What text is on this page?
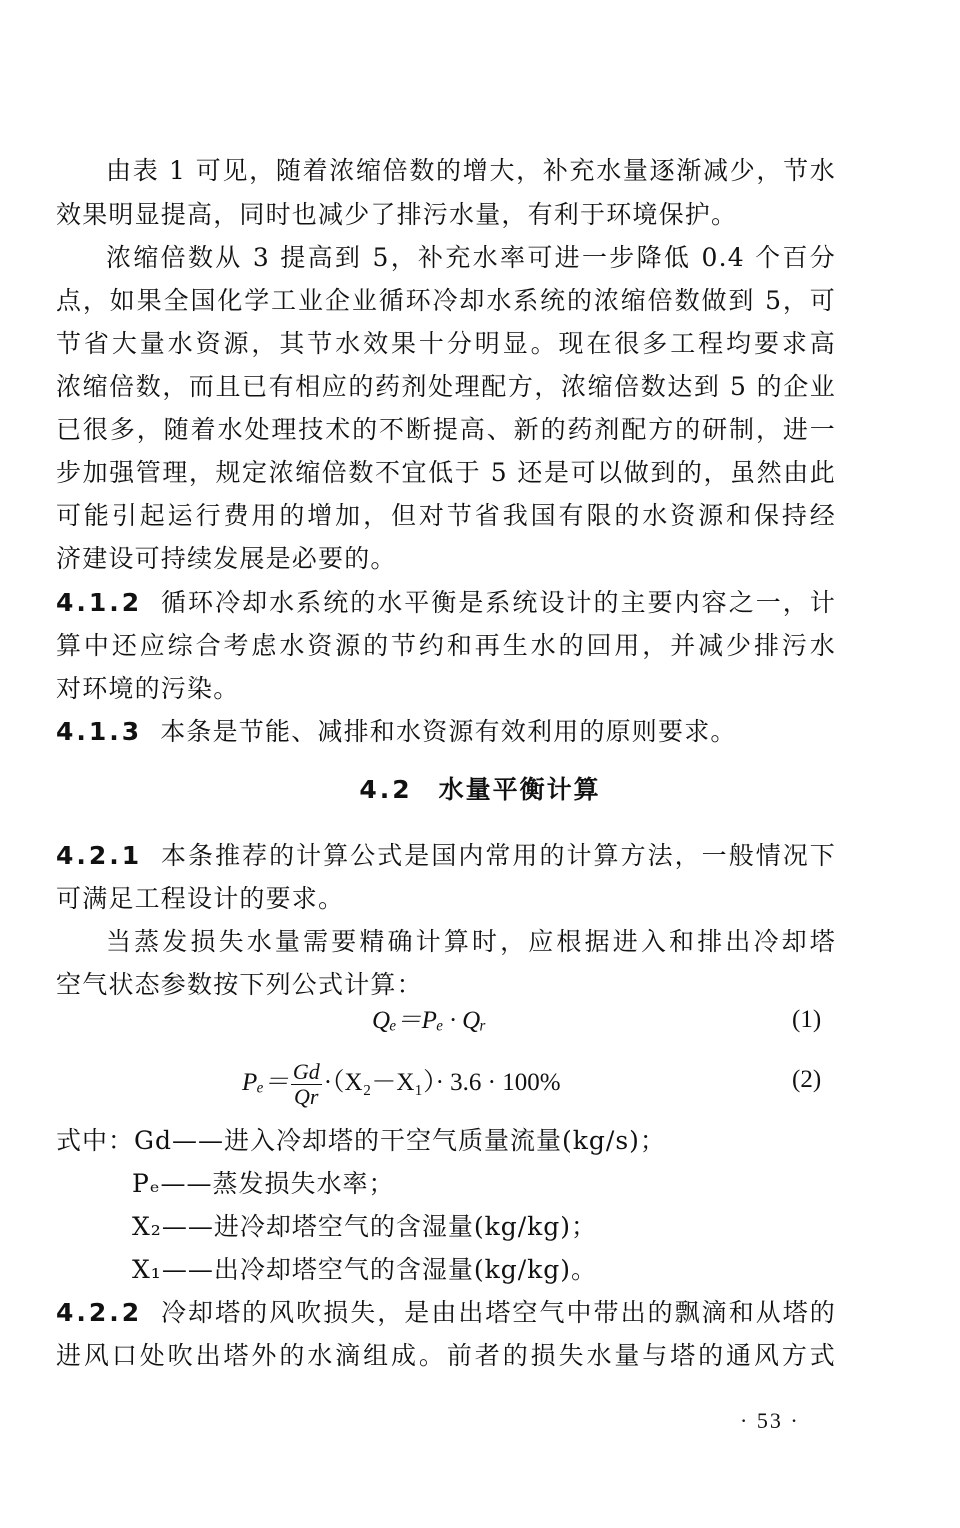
由表 1 可见，随着浓缩倍数的增大，补充水量逐渐减少，节水
效果明显提高，同时也减少了排污水量，有利于环境保护。
浓缩倍数从 3 提高到 5，补充水率可进一步降低 0.4 个百分
点，如果全国化学工业企业循环冷却水系统的浓缩倍数做到 5，可
节省大量水资源，其节水效果十分明显。现在很多工程均要求高
浓缩倍数，而且已有相应的药剂处理配方，浓缩倍数达到 5 的企业
已很多，随着水处理技术的不断提高、新的药剂配方的研制，进一
步加强管理，规定浓缩倍数不宜低于 5 还是可以做到的，虽然由此
可能引起运行费用的增加，但对节省我国有限的水资源和保持经
济建设可持续发展是必要的。
4.1.2 循环冷却水系统的水平衡是系统设计的主要内容之一，计
算中还应综合考虑水资源的节约和再生水的回用，并减少排污水
对环境的污染。
4.1.3 本条是节能、减排和水资源有效利用的原则要求。
4.2 水量平衡计算
4.2.1 本条推荐的计算公式是国内常用的计算方法，一般情况下
可满足工程设计的要求。
当蒸发损失水量需要精确计算时，应根据进入和排出冷却塔
空气状态参数按下列公式计算：
Qₑ＝Pₑ · Qᵣ	(1)
$P_e= \frac{Gd}{Qr} \cdot(X_2-X_1)\cdot 3.6 \cdot 100\%$	(2)
式中：Gd——进入冷却塔的干空气质量流量(kg/s)；
Pₑ——蒸发损失水率；
X₂——进冷却塔空气的含湿量(kg/kg)；
X₁——出冷却塔空气的含湿量(kg/kg)。
4.2.2 冷却塔的风吹损失，是由出塔空气中带出的飘滴和从塔的
进风口处吹出塔外的水滴组成。前者的损失水量与塔的通风方式
· 53 ·
